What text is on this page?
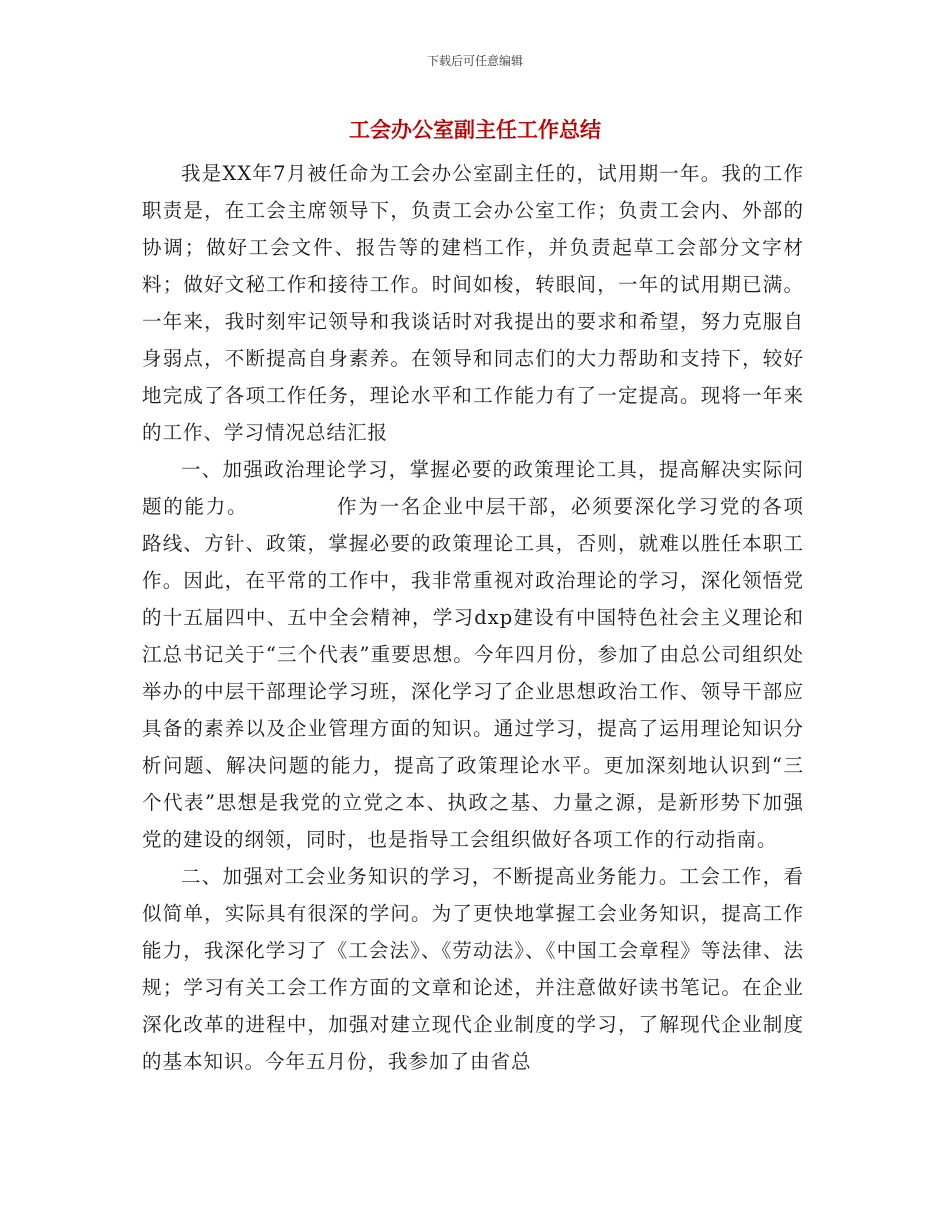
下载后可任意编辑
工会办公室副主任工作总结

我是XX年7月被任命为工会办公室副主任的，试用期一年。我的工作职责是，在工会主席领导下，负责工会办公室工作；负责工会内、外部的协调；做好工会文件、报告等的建档工作，并负责起草工会部分文字材料；做好文秘工作和接待工作。时间如梭，转眼间，一年的试用期已满。一年来，我时刻牢记领导和我谈话时对我提出的要求和希望，努力克服自身弱点，不断提高自身素养。在领导和同志们的大力帮助和支持下，较好地完成了各项工作任务，理论水平和工作能力有了一定提高。现将一年来的工作、学习情况总结汇报

一、加强政治理论学习，掌握必要的政策理论工具，提高解决实际问题的能力。	作为一名企业中层干部，必须要深化学习党的各项路线、方针、政策，掌握必要的政策理论工具，否则，就难以胜任本职工作。因此，在平常的工作中，我非常重视对政治理论的学习，深化领悟党的十五届四中、五中全会精神，学习dxp建设有中国特色社会主义理论和江总书记关于“三个代表”重要思想。今年四月份，参加了由总公司组织处举办的中层干部理论学习班，深化学习了企业思想政治工作、领导干部应具备的素养以及企业管理方面的知识。通过学习，提高了运用理论知识分析问题、解决问题的能力，提高了政策理论水平。更加深刻地认识到“三个代表”思想是我党的立党之本、执政之基、力量之源，是新形势下加强党的建设的纲领，同时，也是指导工会组织做好各项工作的行动指南。

二、加强对工会业务知识的学习，不断提高业务能力。工会工作，看似简单，实际具有很深的学问。为了更快地掌握工会业务知识，提高工作能力，我深化学习了《工会法》、《劳动法》、《中国工会章程》等法律、法规；学习有关工会工作方面的文章和论述，并注意做好读书笔记。在企业深化改革的进程中，加强对建立现代企业制度的学习，了解现代企业制度的基本知识。今年五月份，我参加了由省总
